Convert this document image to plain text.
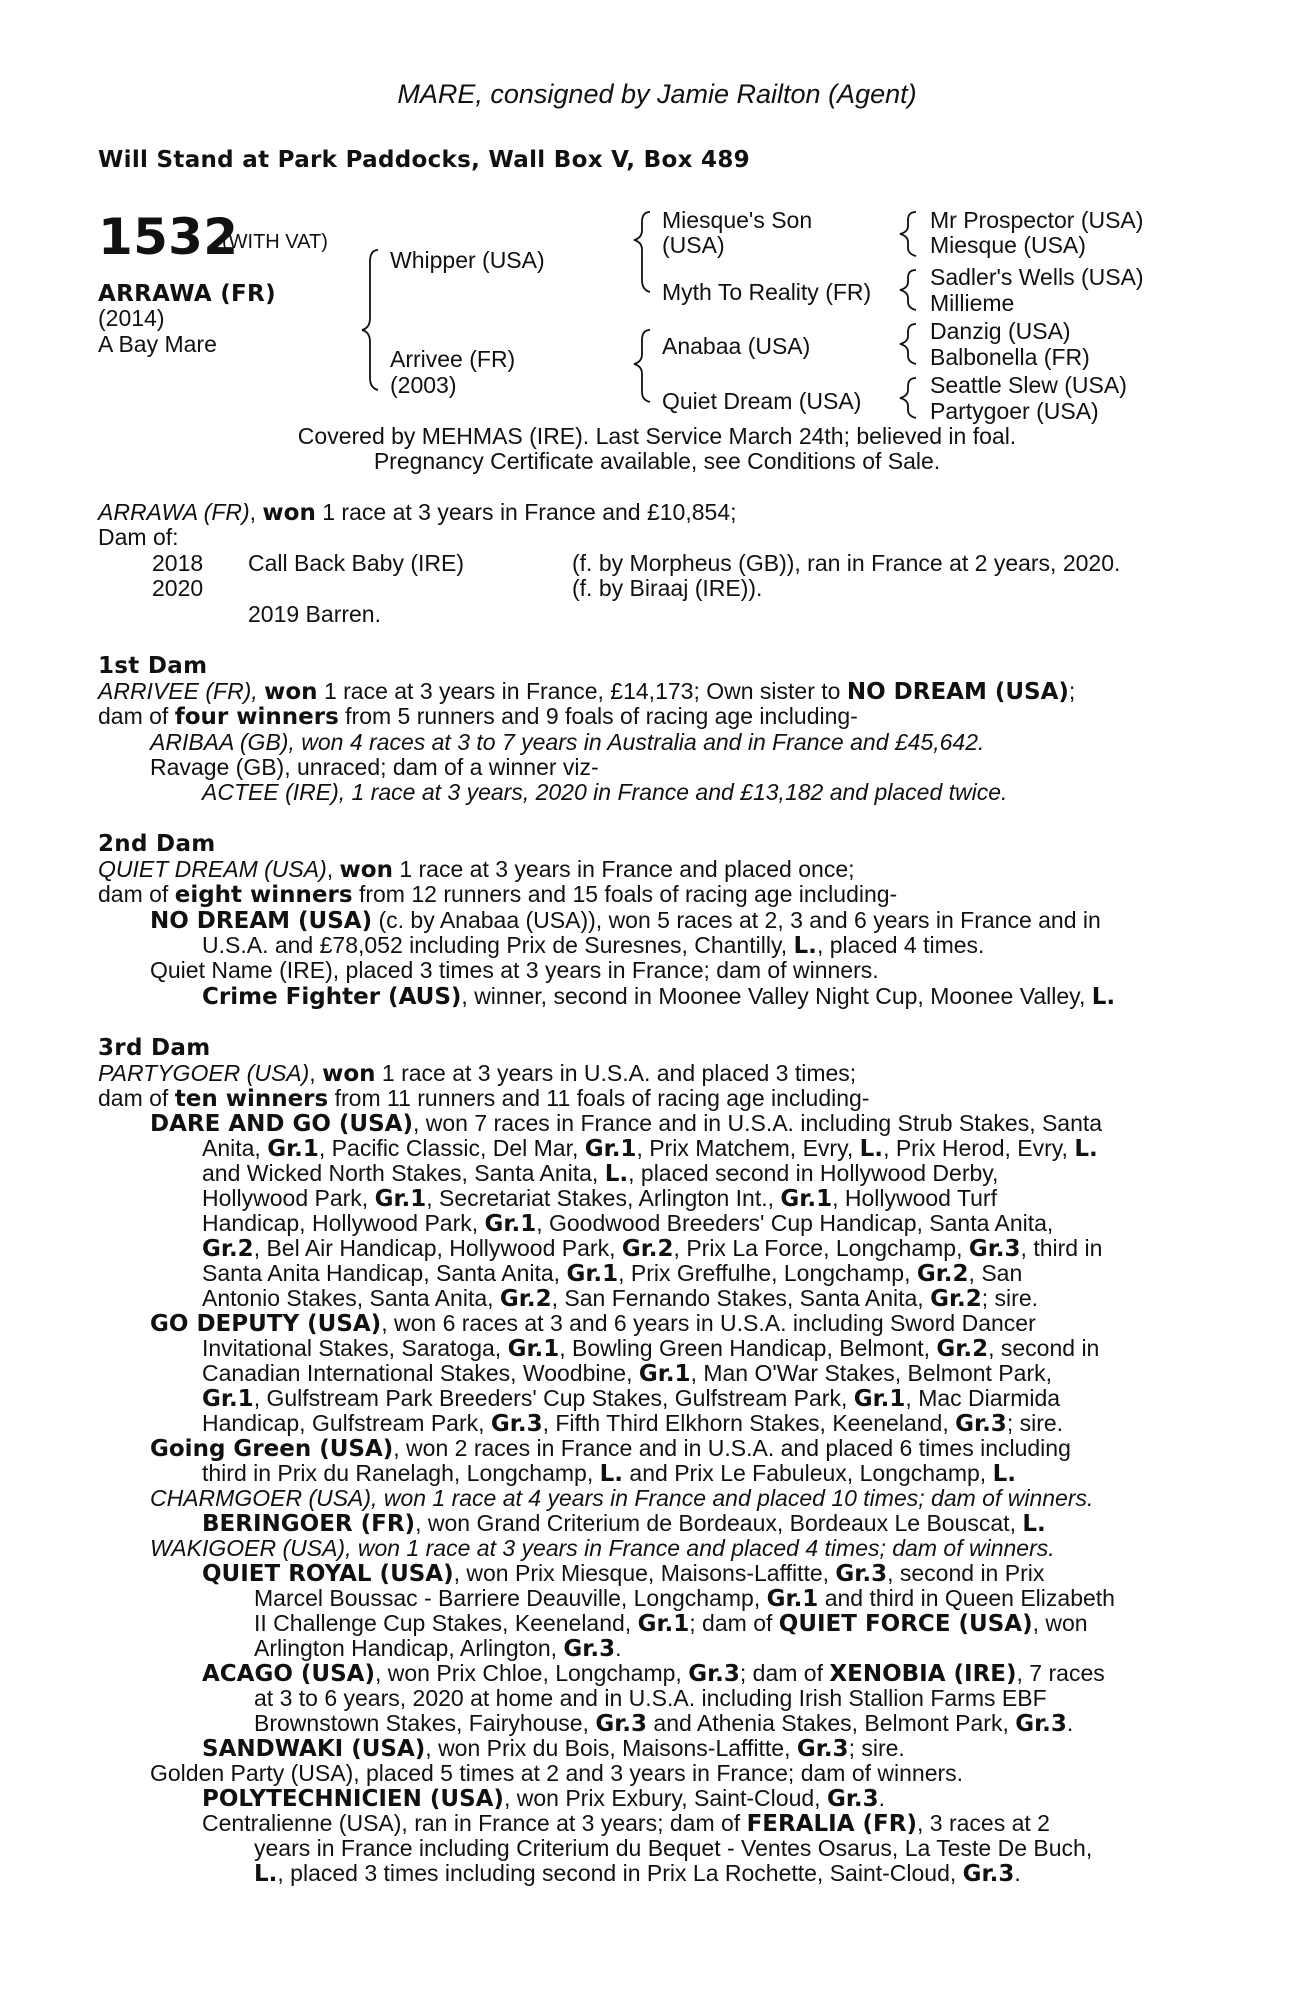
MARE, consigned by Jamie Railton (Agent)
Will Stand at Park Paddocks, Wall Box V, Box 489
1532
(WITH VAT)
ARRAWA (FR)
(2014)
A Bay Mare
Whipper (USA)
Arrivee (FR)
(2003)
Miesque's Son
(USA)
Myth To Reality (FR)
Anabaa (USA)
Quiet Dream (USA)
Mr Prospector (USA)
Miesque (USA)
Sadler's Wells (USA)
Millieme
Danzig (USA)
Balbonella (FR)
Seattle Slew (USA)
Partygoer (USA)
Covered by MEHMAS (IRE). Last Service March 24th; believed in foal.
Pregnancy Certificate available, see Conditions of Sale.
ARRAWA (FR), won 1 race at 3 years in France and £10,854;
Dam of:
2018 Call Back Baby (IRE)	(f. by Morpheus (GB)), ran in France at 2 years, 2020.
2020	(f. by Biraaj (IRE)).
2019 Barren.
1st Dam
ARRIVEE (FR), won 1 race at 3 years in France, £14,173; Own sister to NO DREAM (USA);
dam of four winners from 5 runners and 9 foals of racing age including-
ARIBAA (GB), won 4 races at 3 to 7 years in Australia and in France and £45,642.
Ravage (GB), unraced; dam of a winner viz-
ACTEE (IRE), 1 race at 3 years, 2020 in France and £13,182 and placed twice.
2nd Dam
QUIET DREAM (USA), won 1 race at 3 years in France and placed once;
dam of eight winners from 12 runners and 15 foals of racing age including-
NO DREAM (USA) (c. by Anabaa (USA)), won 5 races at 2, 3 and 6 years in France and in
U.S.A. and £78,052 including Prix de Suresnes, Chantilly, L., placed 4 times.
Quiet Name (IRE), placed 3 times at 3 years in France; dam of winners.
Crime Fighter (AUS), winner, second in Moonee Valley Night Cup, Moonee Valley, L.
3rd Dam
PARTYGOER (USA), won 1 race at 3 years in U.S.A. and placed 3 times;
dam of ten winners from 11 runners and 11 foals of racing age including-
DARE AND GO (USA), won 7 races in France and in U.S.A. including Strub Stakes, Santa
Anita, Gr.1, Pacific Classic, Del Mar, Gr.1, Prix Matchem, Evry, L., Prix Herod, Evry, L.
and Wicked North Stakes, Santa Anita, L., placed second in Hollywood Derby,
Hollywood Park, Gr.1, Secretariat Stakes, Arlington Int., Gr.1, Hollywood Turf
Handicap, Hollywood Park, Gr.1, Goodwood Breeders' Cup Handicap, Santa Anita,
Gr.2, Bel Air Handicap, Hollywood Park, Gr.2, Prix La Force, Longchamp, Gr.3, third in
Santa Anita Handicap, Santa Anita, Gr.1, Prix Greffulhe, Longchamp, Gr.2, San
Antonio Stakes, Santa Anita, Gr.2, San Fernando Stakes, Santa Anita, Gr.2; sire.
GO DEPUTY (USA), won 6 races at 3 and 6 years in U.S.A. including Sword Dancer
Invitational Stakes, Saratoga, Gr.1, Bowling Green Handicap, Belmont, Gr.2, second in
Canadian International Stakes, Woodbine, Gr.1, Man O'War Stakes, Belmont Park,
Gr.1, Gulfstream Park Breeders' Cup Stakes, Gulfstream Park, Gr.1, Mac Diarmida
Handicap, Gulfstream Park, Gr.3, Fifth Third Elkhorn Stakes, Keeneland, Gr.3; sire.
Going Green (USA), won 2 races in France and in U.S.A. and placed 6 times including
third in Prix du Ranelagh, Longchamp, L. and Prix Le Fabuleux, Longchamp, L.
CHARMGOER (USA), won 1 race at 4 years in France and placed 10 times; dam of winners.
BERINGOER (FR), won Grand Criterium de Bordeaux, Bordeaux Le Bouscat, L.
WAKIGOER (USA), won 1 race at 3 years in France and placed 4 times; dam of winners.
QUIET ROYAL (USA), won Prix Miesque, Maisons-Laffitte, Gr.3, second in Prix
Marcel Boussac - Barriere Deauville, Longchamp, Gr.1 and third in Queen Elizabeth
II Challenge Cup Stakes, Keeneland, Gr.1; dam of QUIET FORCE (USA), won
Arlington Handicap, Arlington, Gr.3.
ACAGO (USA), won Prix Chloe, Longchamp, Gr.3; dam of XENOBIA (IRE), 7 races
at 3 to 6 years, 2020 at home and in U.S.A. including Irish Stallion Farms EBF
Brownstown Stakes, Fairyhouse, Gr.3 and Athenia Stakes, Belmont Park, Gr.3.
SANDWAKI (USA), won Prix du Bois, Maisons-Laffitte, Gr.3; sire.
Golden Party (USA), placed 5 times at 2 and 3 years in France; dam of winners.
POLYTECHNICIEN (USA), won Prix Exbury, Saint-Cloud, Gr.3.
Centralienne (USA), ran in France at 3 years; dam of FERALIA (FR), 3 races at 2
years in France including Criterium du Bequet - Ventes Osarus, La Teste De Buch,
L., placed 3 times including second in Prix La Rochette, Saint-Cloud, Gr.3.
